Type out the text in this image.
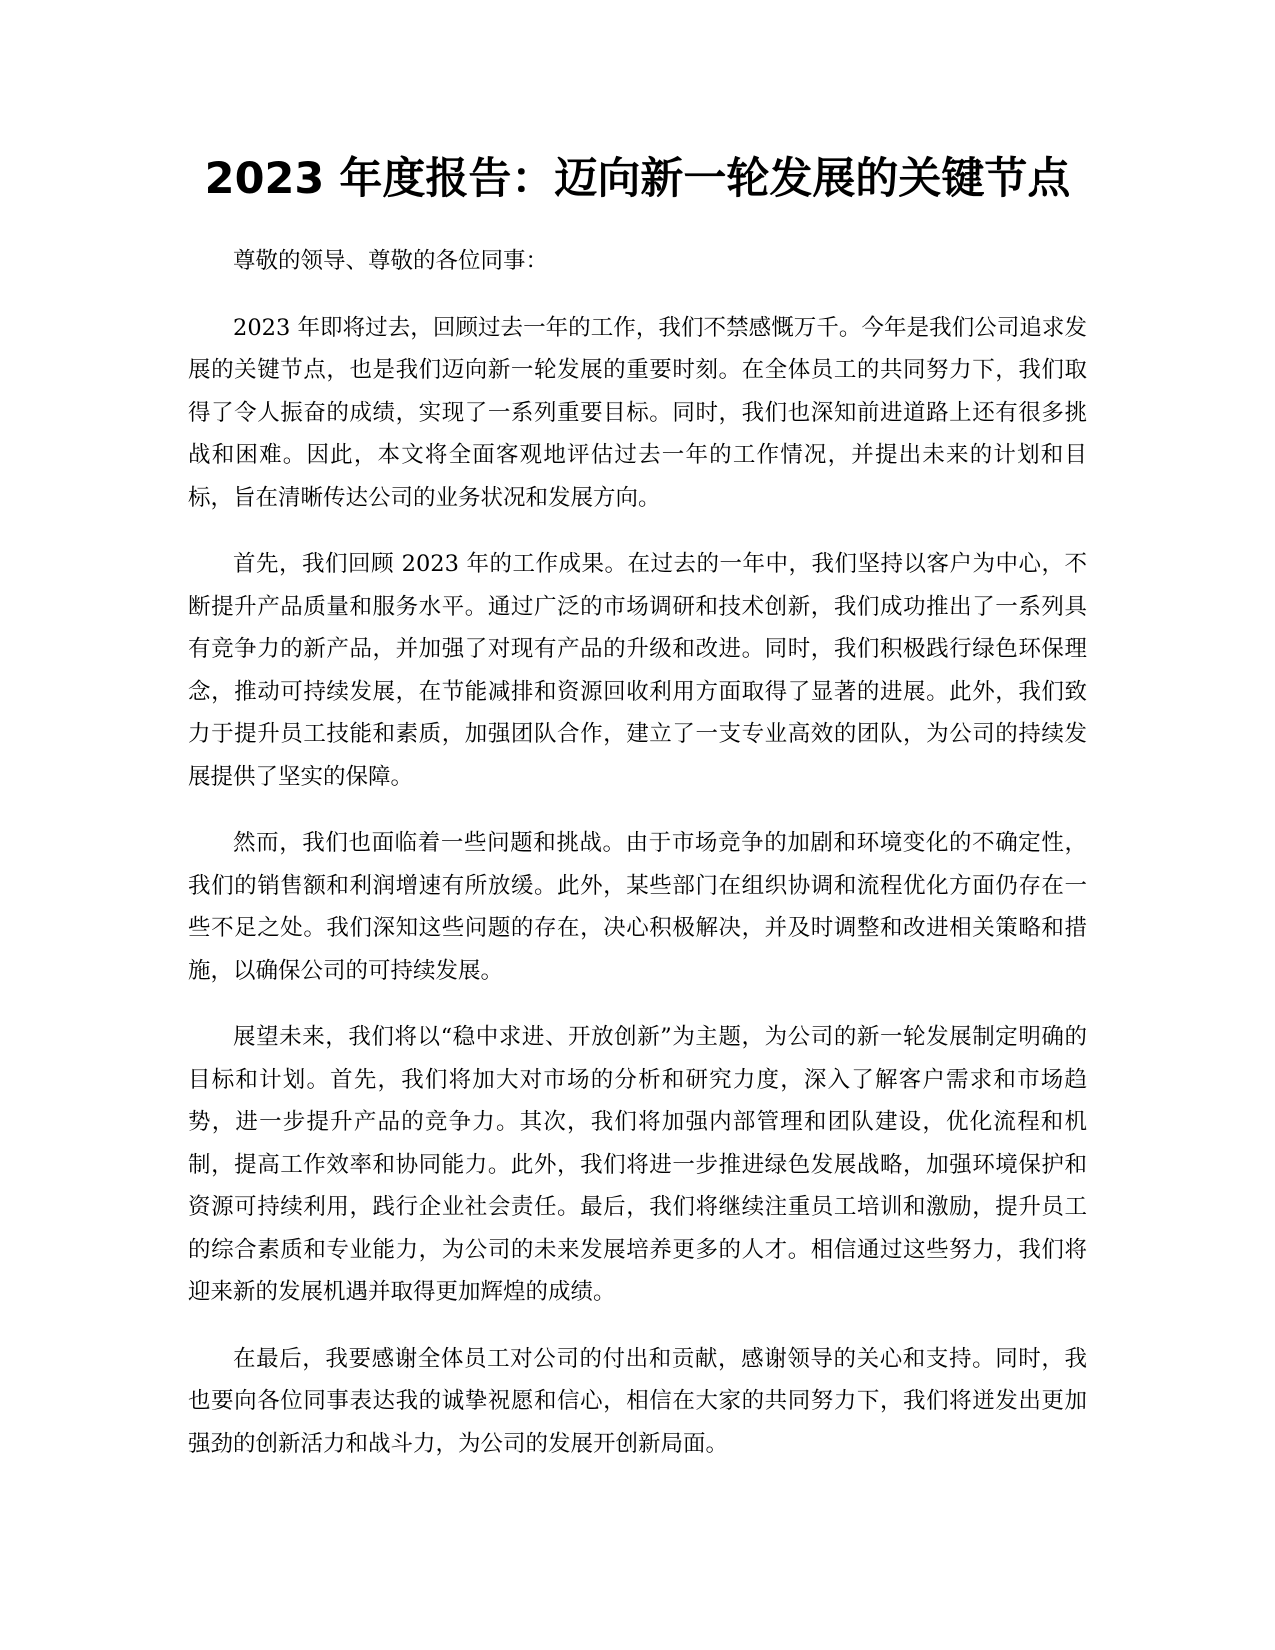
2023 年度报告：迈向新一轮发展的关键节点

尊敬的领导、尊敬的各位同事：

2023 年即将过去，回顾过去一年的工作，我们不禁感慨万千。今年是我们公司追求发展的关键节点，也是我们迈向新一轮发展的重要时刻。在全体员工的共同努力下，我们取得了令人振奋的成绩，实现了一系列重要目标。同时，我们也深知前进道路上还有很多挑战和困难。因此，本文将全面客观地评估过去一年的工作情况，并提出未来的计划和目标，旨在清晰传达公司的业务状况和发展方向。

首先，我们回顾 2023 年的工作成果。在过去的一年中，我们坚持以客户为中心，不断提升产品质量和服务水平。通过广泛的市场调研和技术创新，我们成功推出了一系列具有竞争力的新产品，并加强了对现有产品的升级和改进。同时，我们积极践行绿色环保理念，推动可持续发展，在节能减排和资源回收利用方面取得了显著的进展。此外，我们致力于提升员工技能和素质，加强团队合作，建立了一支专业高效的团队，为公司的持续发展提供了坚实的保障。

然而，我们也面临着一些问题和挑战。由于市场竞争的加剧和环境变化的不确定性，我们的销售额和利润增速有所放缓。此外，某些部门在组织协调和流程优化方面仍存在一些不足之处。我们深知这些问题的存在，决心积极解决，并及时调整和改进相关策略和措施，以确保公司的可持续发展。

展望未来，我们将以“稳中求进、开放创新”为主题，为公司的新一轮发展制定明确的目标和计划。首先，我们将加大对市场的分析和研究力度，深入了解客户需求和市场趋势，进一步提升产品的竞争力。其次，我们将加强内部管理和团队建设，优化流程和机制，提高工作效率和协同能力。此外，我们将进一步推进绿色发展战略，加强环境保护和资源可持续利用，践行企业社会责任。最后，我们将继续注重员工培训和激励，提升员工的综合素质和专业能力，为公司的未来发展培养更多的人才。相信通过这些努力，我们将迎来新的发展机遇并取得更加辉煌的成绩。

在最后，我要感谢全体员工对公司的付出和贡献，感谢领导的关心和支持。同时，我也要向各位同事表达我的诚挚祝愿和信心，相信在大家的共同努力下，我们将迸发出更加强劲的创新活力和战斗力，为公司的发展开创新局面。
